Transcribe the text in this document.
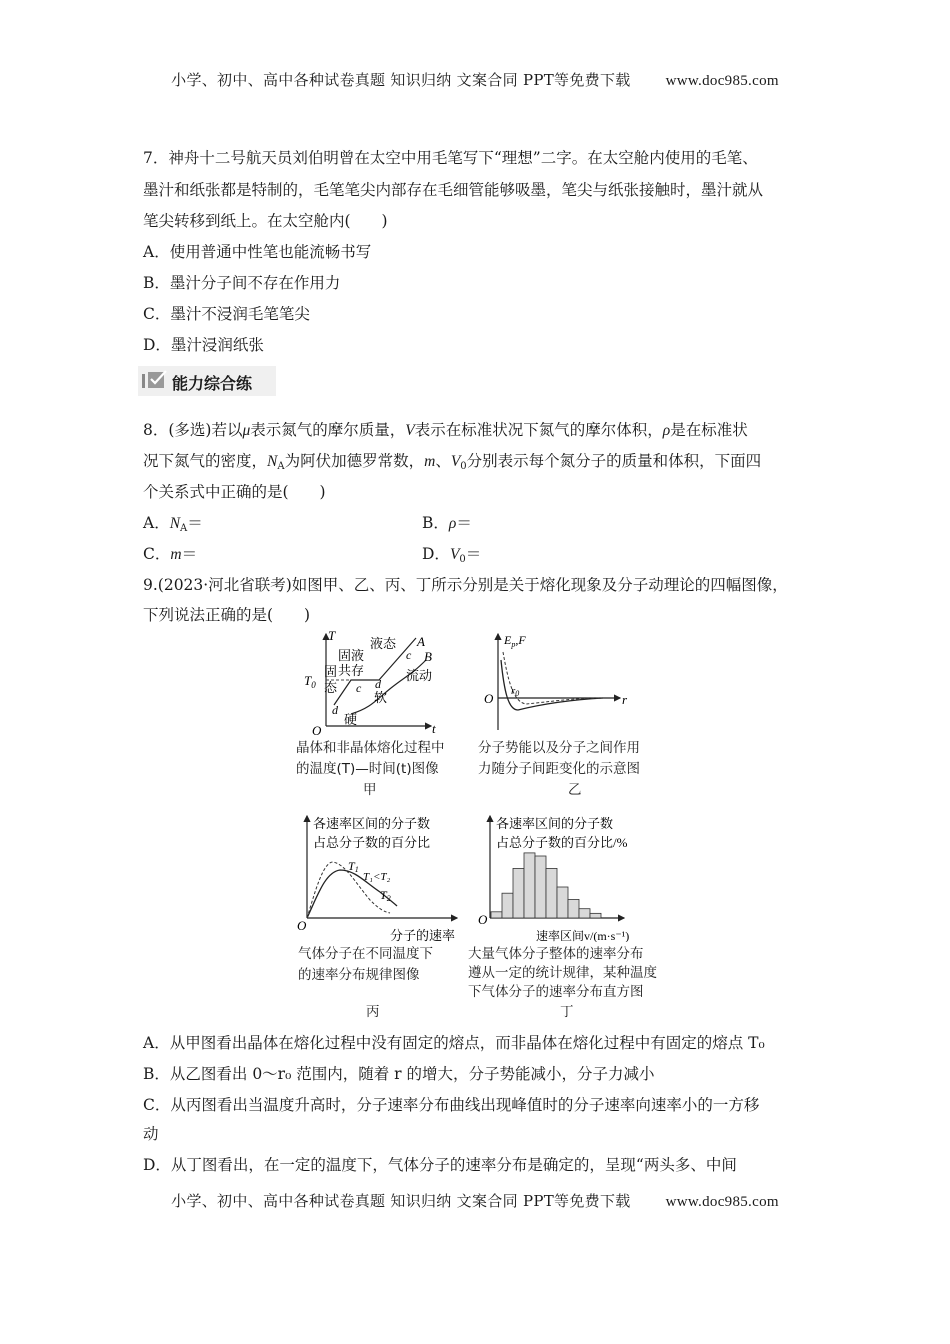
小学、初中、高中各种试卷真题 知识归纳 文案合同 PPT等免费下载 www.doc985.com
7．神舟十二号航天员刘伯明曾在太空中用毛笔写下“理想”二字。在太空舱内使用的毛笔、
墨汁和纸张都是特制的，毛笔笔尖内部存在毛细管能够吸墨，笔尖与纸张接触时，墨汁就从
笔尖转移到纸上。在太空舱内(　　)
A．使用普通中性笔也能流畅书写
B．墨汁分子间不存在作用力
C．墨汁不浸润毛笔笔尖
D．墨汁浸润纸张
能力综合练
8．(多选)若以μ表示氮气的摩尔质量，V表示在标准状况下氮气的摩尔体积，ρ是在标准状
况下氮气的密度，$N_A$为阿伏加德罗常数，m、$V_0$分别表示每个氮分子的质量和体积，下面四
个关系式中正确的是(　　)
A．$N_A=$	B．ρ＝
C．m＝	D．$V_0=$
9.(2023·河北省联考)如图甲、乙、丙、丁所示分别是关于熔化现象及分子动理论的四幅图像，
下列说法正确的是(　　)
T
t
O
$T_0$
A
B
c
c
d
d
液态
固液
共存	流动
软
硬
固
态
晶体和非晶体熔化过程中
的温度(T)—时间(t)图像
甲
$E_p,F$
r
O r0
分子势能以及分子之间作用
力随分子间距变化的示意图
乙
各速率区间的分子数
占总分子数的百分比
T1
T₁<T₂
T2
O
分子的速率
气体分子在不同温度下
的速率分布规律图像
丙
各速率区间的分子数
占总分子数的百分比/%
O
速率区间v/(m·s⁻¹)
大量气体分子整体的速率分布
遵从一定的统计规律，某种温度
下气体分子的速率分布直方图
丁
A．从甲图看出晶体在熔化过程中没有固定的熔点，而非晶体在熔化过程中有固定的熔点 T₀
B．从乙图看出 0～r₀ 范围内，随着 r 的增大，分子势能减小，分子力减小
C．从丙图看出当温度升高时，分子速率分布曲线出现峰值时的分子速率向速率小的一方移
动
D．从丁图看出，在一定的温度下，气体分子的速率分布是确定的，呈现“两头多、中间
小学、初中、高中各种试卷真题 知识归纳 文案合同 PPT等免费下载 www.doc985.com
